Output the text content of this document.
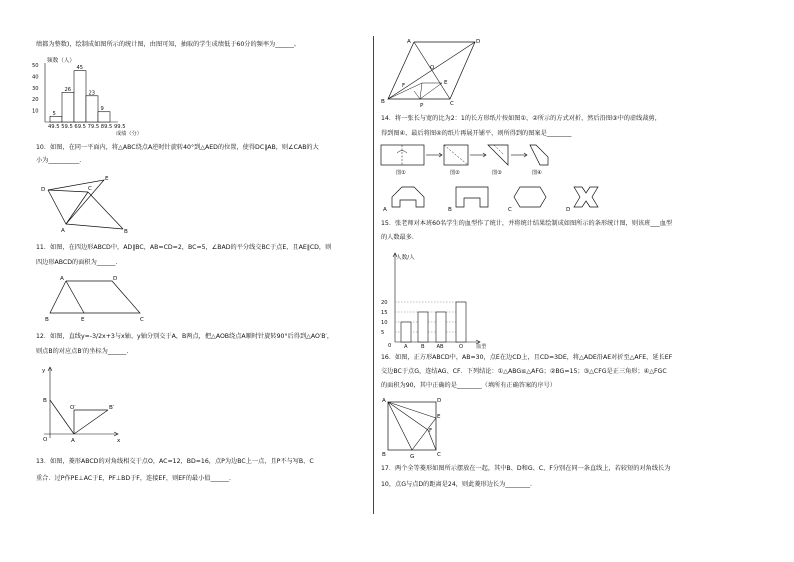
绩都为整数)，绘制成如图所示的统计图，由图可知，抽取的学生成绩低于60分的频率为______。
频数（人）
50
40
30
20
10	5
26
45
23
9
49.5 59.5 69.5 79.5 89.5 99.5
成绩（分）
10．如图，在同一平面内，将△ABC绕点A逆时针旋转40°到△AED的位置，使得DC∥AB，则∠CAB的大
小为__________.
D
E
C
A	B
11．如图，在四边形ABCD中，AD∥BC，AB=CD=2，BC=5，∠BAD的平分线交BC于点E，且AE∥CD，则
四边形ABCD的面积为______.
A	D
B	E	C
12．如图，直线y=-3/2x+3与x轴、y轴分别交于A，B两点，把△AOB绕点A顺时针旋转90°后得到△AO′B′，
则点B的对应点B′的坐标为______.
y
B
O′	B′
O	A	x
13．如图，菱形ABCD的对角线相交于点O，AC=12，BD=16，点P为边BC上一点，且P不与写B、C
重合．过P作PE⊥AC于E，PF⊥BD于F，连接EF，则EF的最小值______.
A	D
O
F	E
B
P	C
14．将一张长与宽的比为2：1的长方形纸片按如图①、②所示的方式对折，然后沿图③中的虚线裁剪，
得到图④，最后将图④的纸片再展开铺平，则所得到的图案是________
图①	图②	图③	图④
A	B	C	D
15．张老师对本班60名学生的血型作了统计，并将统计结果绘制成如图所示的条形统计图，则该班___血型
的人数最多.
人数/人
20
15
10
5
A	B AB	O
0	血型
16．如图，正方形ABCD中，AB=30，点E在边CD上，且CD=3DE，将△ADE沿AE对折至△AFE，延长EF
交边BC于点G，连结AG、CF．下列结论：①△ABG≌△AFG；②BG=15；③△CFG是正三角形；④△FGC
的面积为90，其中正确的是________（填所有正确答案的序号）
A	D
E
F
B	G	C
17．两个全等菱形如图所示摆放在一起，其中B、D和G、C、F分别在同一条直线上，若较短的对角线长为
10，点G与点D的距离是24，则此菱形边长为________.
